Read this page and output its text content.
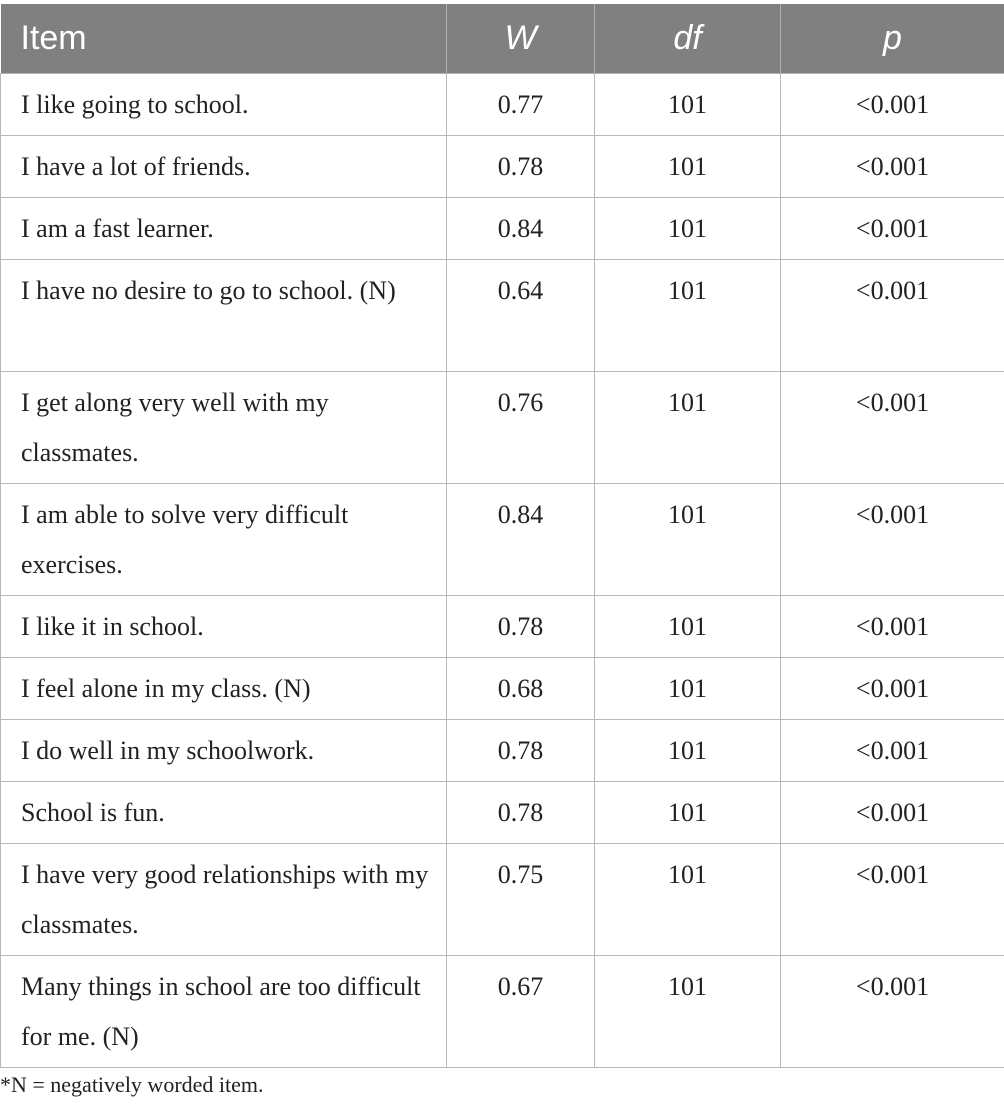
Item	W	df	p
I like going to school.	0.77	101	<0.001
I have a lot of friends.	0.78	101	<0.001
I am a fast learner.	0.84	101	<0.001
I have no desire to go to school. (N)	0.64	101	<0.001
I get along very well with my classmates.	0.76	101	<0.001
I am able to solve very difficult exercises.	0.84	101	<0.001
I like it in school.	0.78	101	<0.001
I feel alone in my class. (N)	0.68	101	<0.001
I do well in my schoolwork.	0.78	101	<0.001
School is fun.	0.78	101	<0.001
I have very good relationships with my classmates.	0.75	101	<0.001
Many things in school are too difficult for me. (N)	0.67	101	<0.001
*N = negatively worded item.
